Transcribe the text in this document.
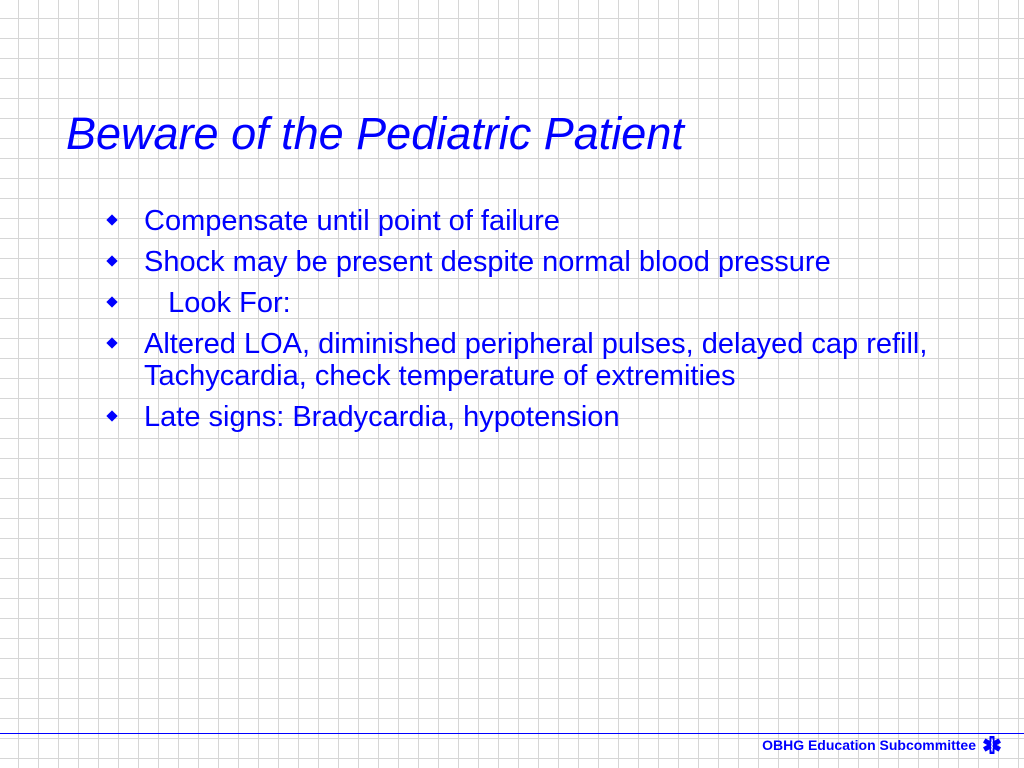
Beware of the Pediatric Patient
Compensate until point of failure
Shock may be present despite normal blood pressure
Look For:
Altered LOA, diminished peripheral pulses, delayed cap refill, Tachycardia, check temperature of extremities
Late signs: Bradycardia, hypotension
OBHG Education Subcommittee
